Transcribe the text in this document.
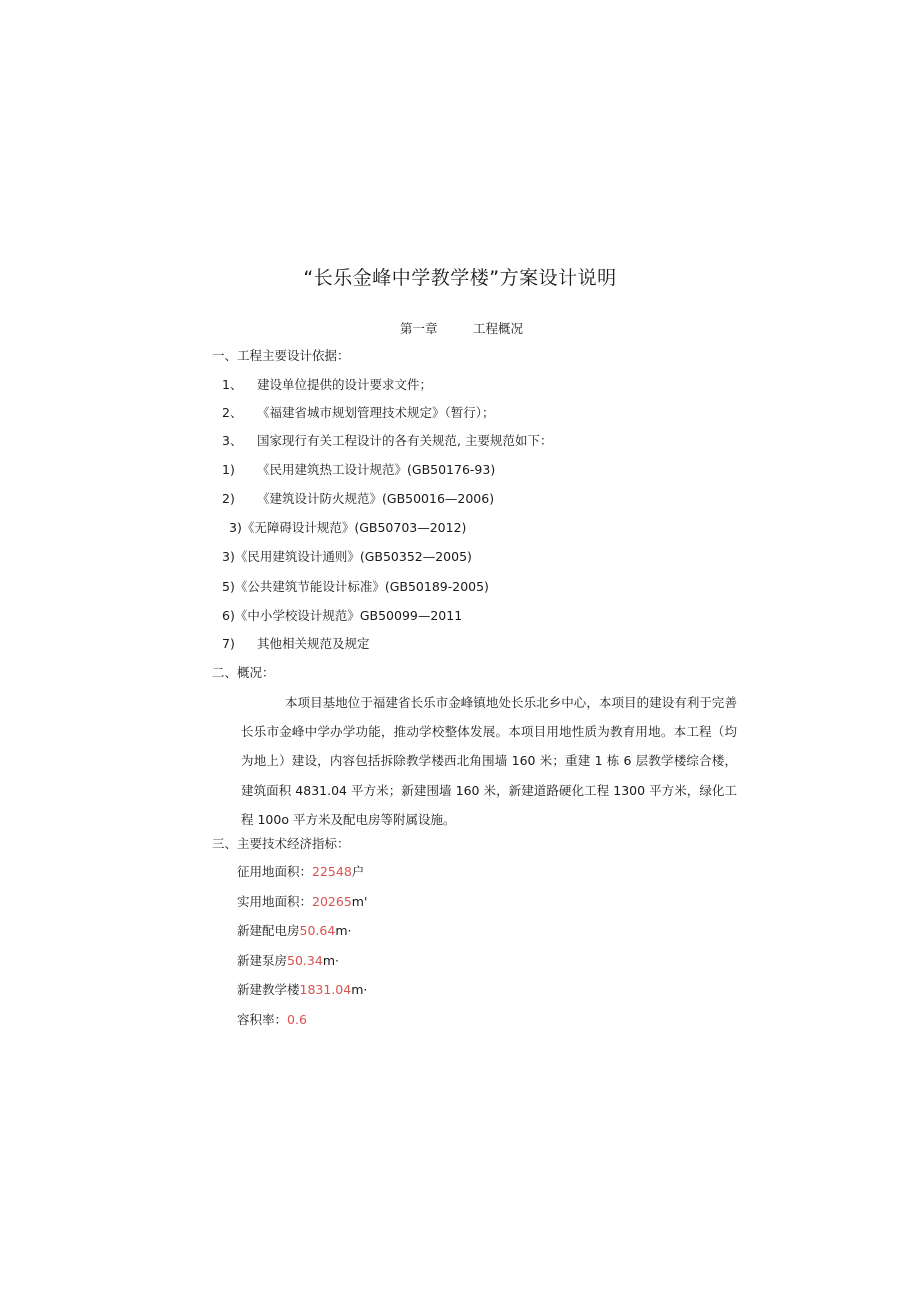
“长乐金峰中学教学楼”方案设计说明
第一章	工程概况
一、工程主要设计依据：
1、 建设单位提供的设计要求文件；
2、 《福建省城市规划管理技术规定》（暂行）；
3、 国家现行有关工程设计的各有关规范, 主要规范如下：
1) 《民用建筑热工设计规范》(GB50176-93)
2) 《建筑设计防火规范》(GB50016—2006)
3)《无障碍设计规范》(GB50703—2012)
3)《民用建筑设计通则》(GB50352—2005)
5)《公共建筑节能设计标准》(GB50189-2005)
6)《中小学校设计规范》GB50099—2011
7) 其他相关规范及规定
二、概况：
本项目基地位于福建省长乐市金峰镇地处长乐北乡中心，本项目的建设有利于完善长乐市金峰中学办学功能，推动学校整体发展。本项目用地性质为教育用地。本工程（均为地上）建设，内容包括拆除教学楼西北角围墙 160 米；重建 1 栋 6 层教学楼综合楼，建筑面积 4831.04 平方米；新建围墙 160 米，新建道路硬化工程 1300 平方米，绿化工程 100o 平方米及配电房等附属设施。
三、主要技术经济指标：
征用地面积：22548户
实用地面积：20265m'
新建配电房50.64m·
新建泵房50.34m·
新建教学楼1831.04m·
容积率：0.6
